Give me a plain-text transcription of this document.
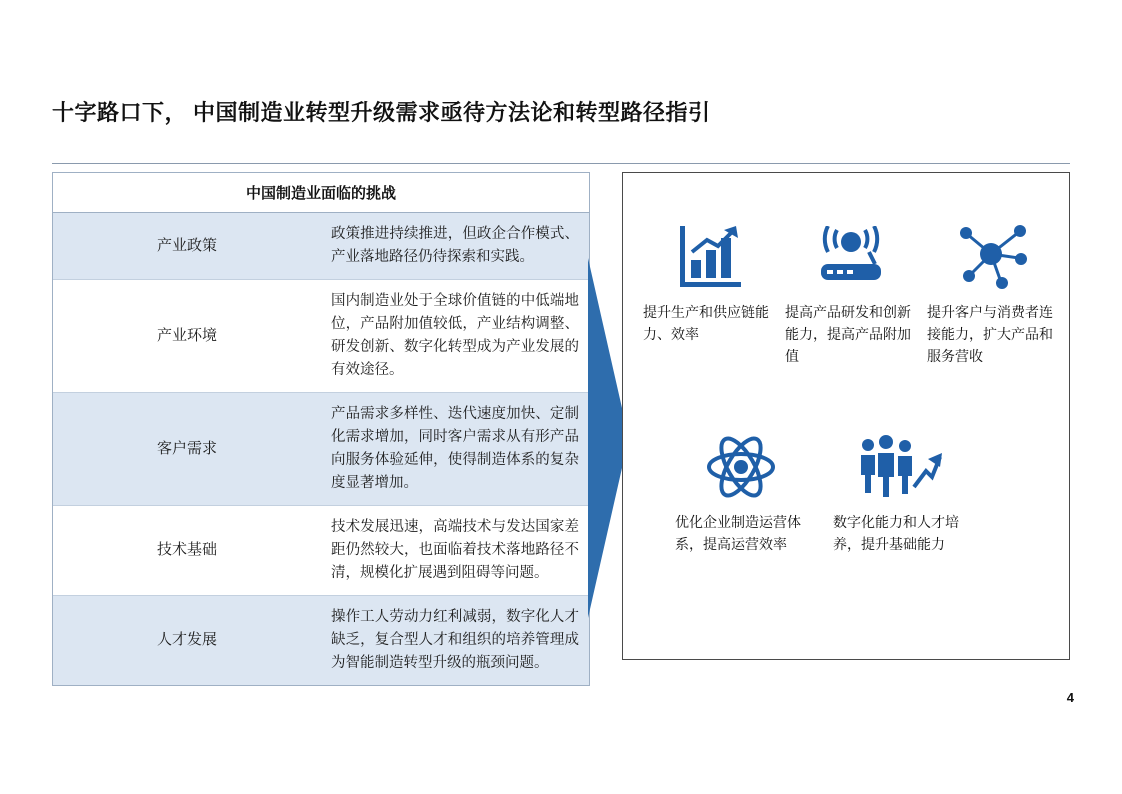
十字路口下， 中国制造业转型升级需求亟待方法论和转型路径指引
中国制造业面临的挑战	
产业政策	政策推进持续推进，但政企合作模式、产业落地路径仍待探索和实践。
产业环境	国内制造业处于全球价值链的中低端地位，产品附加值较低，产业结构调整、研发创新、数字化转型成为产业发展的有效途径。
客户需求	产品需求多样性、迭代速度加快、定制化需求增加，同时客户需求从有形产品向服务体验延伸，使得制造体系的复杂度显著增加。
技术基础	技术发展迅速，高端技术与发达国家差距仍然较大，也面临着技术落地路径不清，规模化扩展遇到阻碍等问题。
人才发展	操作工人劳动力红利减弱，数字化人才缺乏，复合型人才和组织的培养管理成为智能制造转型升级的瓶颈问题。
提升生产和供应链能力、效率
提高产品研发和创新能力，提高产品附加值
提升客户与消费者连接能力，扩大产品和服务营收
优化企业制造运营体系，提高运营效率
数字化能力和人才培养，提升基础能力
4
